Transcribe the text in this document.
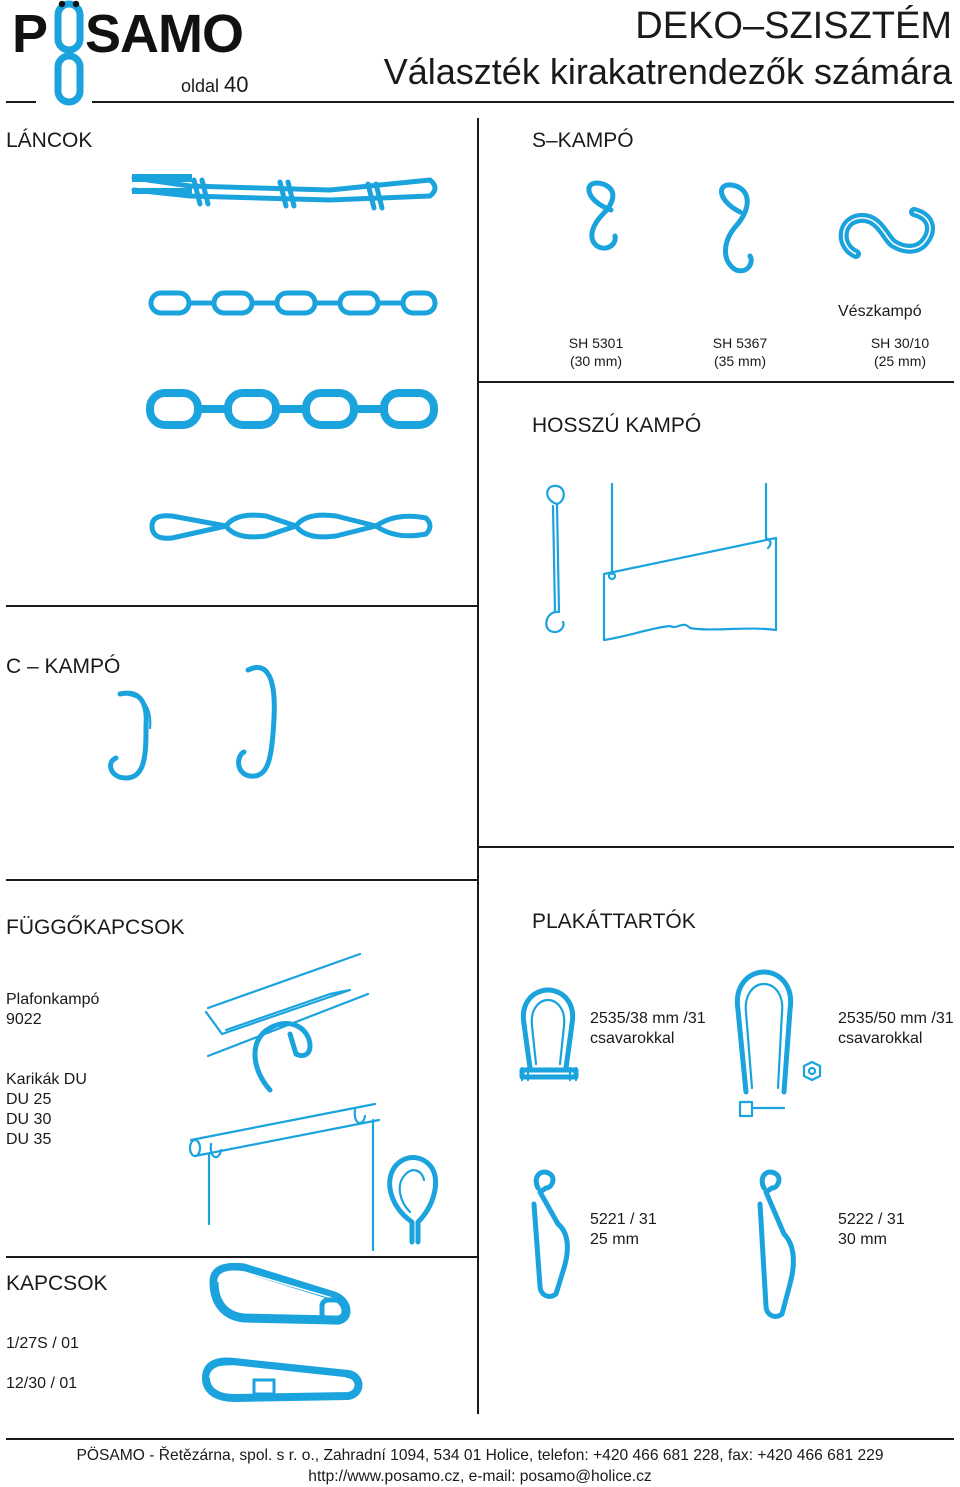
P SAMO
oldal 40
DEKO–SZISZTÉM
Választék kirakatrendezők számára
LÁNCOK	S–KAMPÓ
HOSSZÚ KAMPÓ
C – KAMPÓ
FÜGGŐKAPCSOK	PLAKÁTTARTÓK
KAPCSOK
Vészkampó
SH 5301
(30 mm)
SH 5367
(35 mm)
SH 30/10
(25 mm)
Plafonkampó
9022
Karikák DU
DU 25
DU 30
DU 35
2535/38 mm /31
csavarokkal
2535/50 mm /31
csavarokkal
5221 / 31
25 mm
5222 / 31
30 mm
1/27S / 01
12/30 / 01
PÖSAMO - Řetězárna, spol. s r. o., Zahradní 1094, 534 01 Holice, telefon: +420 466 681 228, fax: +420 466 681 229
http://www.posamo.cz, e-mail: posamo@holice.cz
